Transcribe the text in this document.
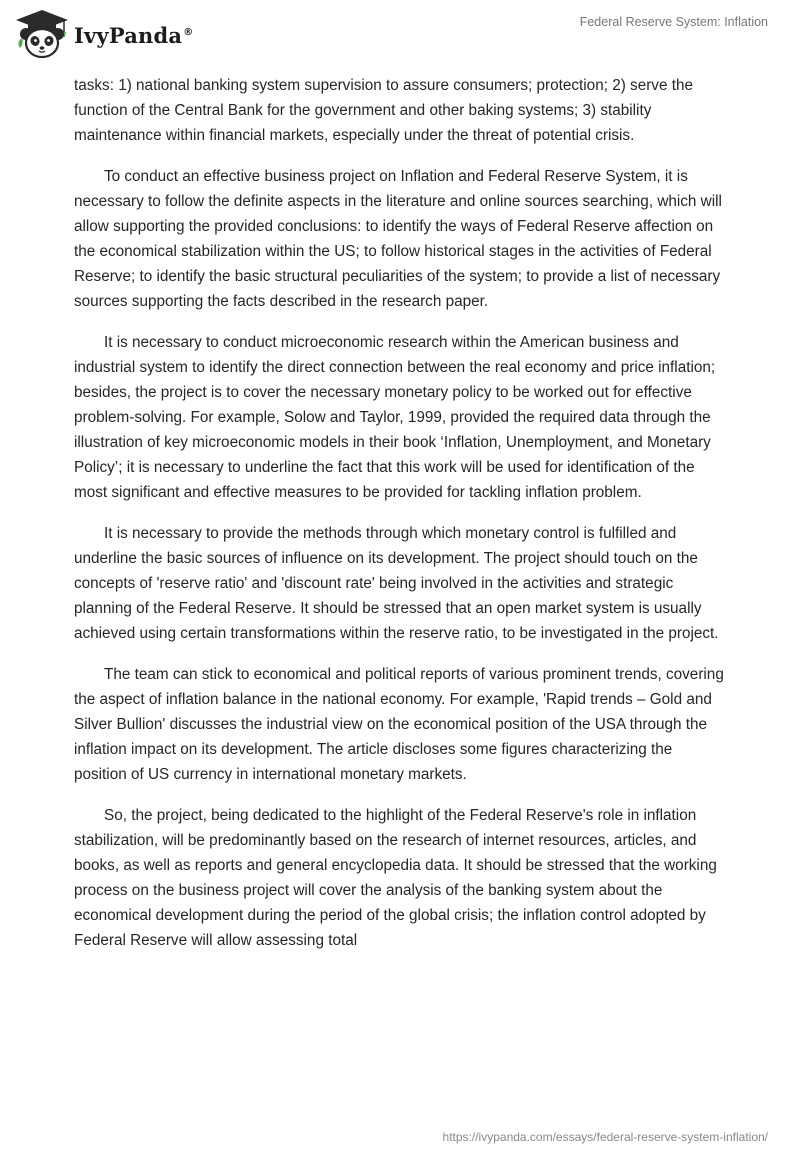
IvyPanda®
Federal Reserve System: Inflation

tasks: 1) national banking system supervision to assure consumers; protection; 2) serve the function of the Central Bank for the government and other baking systems; 3) stability maintenance within financial markets, especially under the threat of potential crisis.

To conduct an effective business project on Inflation and Federal Reserve System, it is necessary to follow the definite aspects in the literature and online sources searching, which will allow supporting the provided conclusions: to identify the ways of Federal Reserve affection on the economical stabilization within the US; to follow historical stages in the activities of Federal Reserve; to identify the basic structural peculiarities of the system; to provide a list of necessary sources supporting the facts described in the research paper.

It is necessary to conduct microeconomic research within the American business and industrial system to identify the direct connection between the real economy and price inflation; besides, the project is to cover the necessary monetary policy to be worked out for effective problem-solving. For example, Solow and Taylor, 1999, provided the required data through the illustration of key microeconomic models in their book ‘Inflation, Unemployment, and Monetary Policy’; it is necessary to underline the fact that this work will be used for identification of the most significant and effective measures to be provided for tackling inflation problem.

It is necessary to provide the methods through which monetary control is fulfilled and underline the basic sources of influence on its development. The project should touch on the concepts of 'reserve ratio' and 'discount rate' being involved in the activities and strategic planning of the Federal Reserve. It should be stressed that an open market system is usually achieved using certain transformations within the reserve ratio, to be investigated in the project.

The team can stick to economical and political reports of various prominent trends, covering the aspect of inflation balance in the national economy. For example, 'Rapid trends – Gold and Silver Bullion' discusses the industrial view on the economical position of the USA through the inflation impact on its development. The article discloses some figures characterizing the position of US currency in international monetary markets.

So, the project, being dedicated to the highlight of the Federal Reserve's role in inflation stabilization, will be predominantly based on the research of internet resources, articles, and books, as well as reports and general encyclopedia data. It should be stressed that the working process on the business project will cover the analysis of the banking system about the economical development during the period of the global crisis; the inflation control adopted by Federal Reserve will allow assessing total

https://ivypanda.com/essays/federal-reserve-system-inflation/
